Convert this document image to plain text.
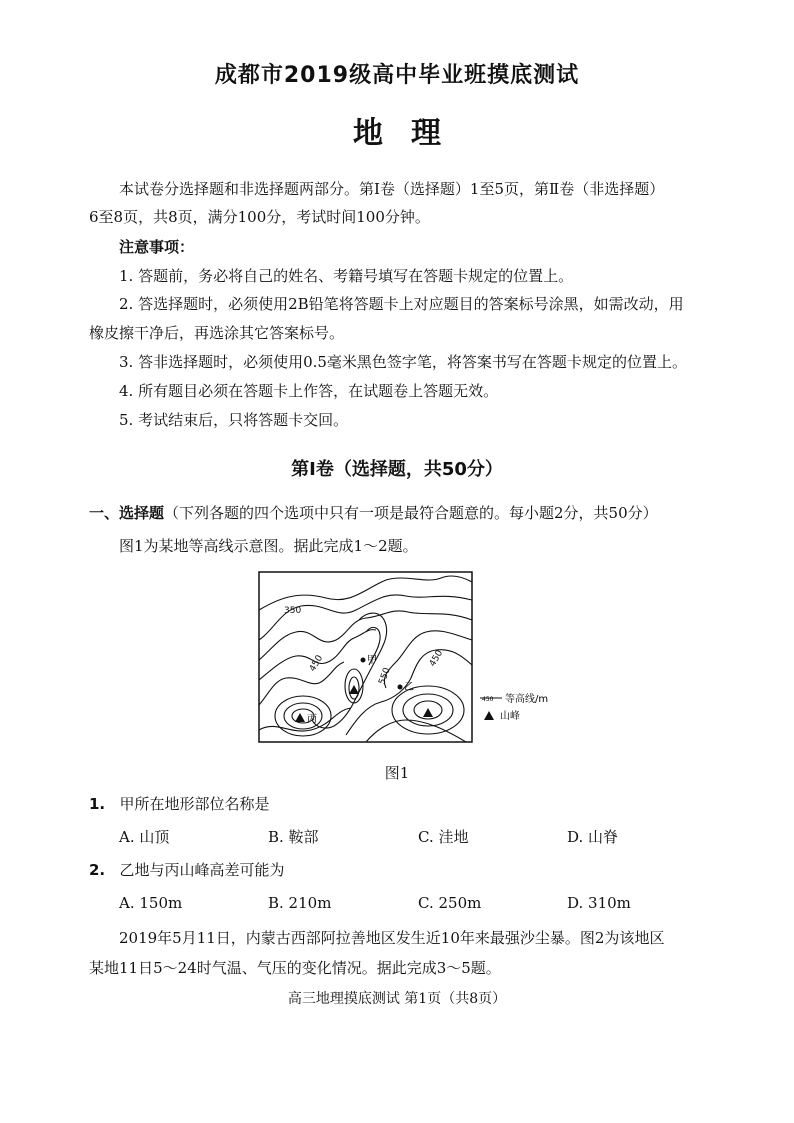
成都市2019级高中毕业班摸底测试
地 理
本试卷分选择题和非选择题两部分。第Ⅰ卷（选择题）1至5页，第Ⅱ卷（非选择题）
6至8页，共8页，满分100分，考试时间100分钟。
注意事项：
1. 答题前，务必将自己的姓名、考籍号填写在答题卡规定的位置上。
2. 答选择题时，必须使用2B铅笔将答题卡上对应题目的答案标号涂黑，如需改动，用
橡皮擦干净后，再选涂其它答案标号。
3. 答非选择题时，必须使用0.5毫米黑色签字笔，将答案书写在答题卡规定的位置上。
4. 所有题目必须在答题卡上作答，在试题卷上答题无效。
5. 考试结束后，只将答题卡交回。
第Ⅰ卷（选择题，共50分）
一、选择题（下列各题的四个选项中只有一项是最符合题意的。每小题2分，共50分）
图1为某地等高线示意图。据此完成1～2题。
350
450
550
450
甲
乙
丙
450 等高线/m
山峰
图1
1. 甲所在地形部位名称是
A. 山顶	B. 鞍部	C. 洼地	D. 山脊
2. 乙地与丙山峰高差可能为
A. 150m	B. 210m	C. 250m	D. 310m
2019年5月11日，内蒙古西部阿拉善地区发生近10年来最强沙尘暴。图2为该地区
某地11日5～24时气温、气压的变化情况。据此完成3～5题。
高三地理摸底测试 第1页（共8页）
